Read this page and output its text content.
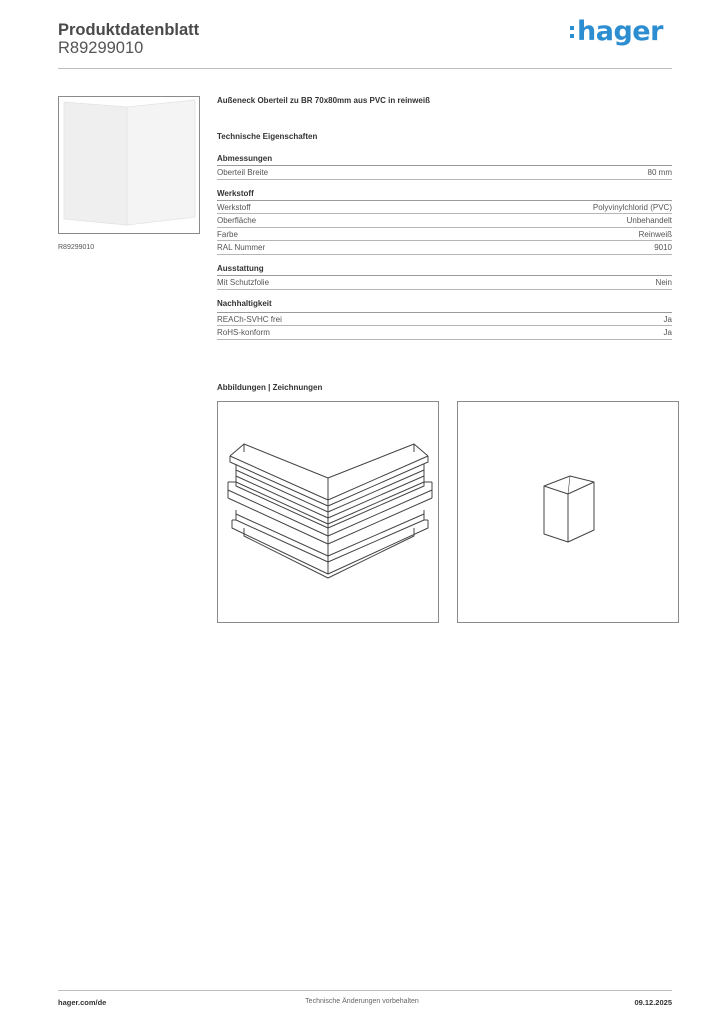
Produktdatenblatt
R89299010
hager
R89299010
Außeneck Oberteil zu BR 70x80mm aus PVC in reinweiß
Technische Eigenschaften
Abmessungen
Oberteil Breite	80 mm
Werkstoff
Werkstoff	Polyvinylchlorid (PVC)
Oberfläche	Unbehandelt
Farbe	Reinweiß
RAL Nummer	9010
Ausstattung
Mit Schutzfolie	Nein
Nachhaltigkeit
REACh-SVHC frei	Ja
RoHS-konform	Ja
Abbildungen | Zeichnungen
hager.com/de	Technische Änderungen vorbehalten	09.12.2025
